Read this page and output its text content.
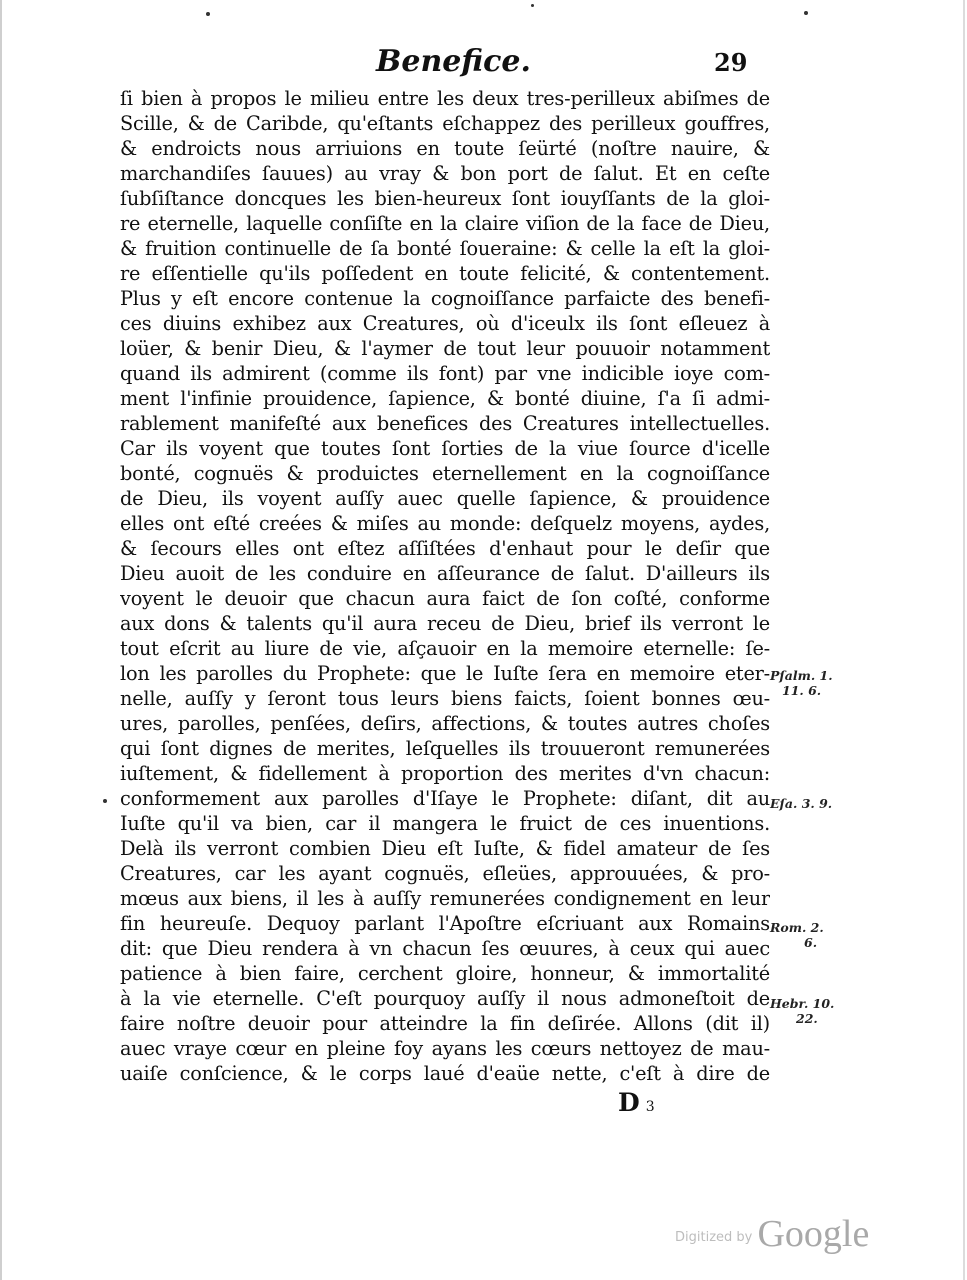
Benefice.	29
ſi bien à propos le milieu entre les deux tres-perilleux abiſmes de
Scille, & de Caribde, qu'eſtants eſchappez des perilleux gouffres,
& endroicts nous arriuions en toute ſeürté (noſtre nauire, &
marchandiſes ſauues) au vray & bon port de ſalut. Et en ceſte
ſubſiſtance doncques les bien-heureux ſont iouyſſants de la gloi-
re eternelle, laquelle conſiſte en la claire viſion de la face de Dieu,
& fruition continuelle de ſa bonté ſoueraine: & celle la eſt la gloi-
re eſſentielle qu'ils poſſedent en toute felicité, & contentement.
Plus y eſt encore contenue la cognoiſſance parfaicte des benefi-
ces diuins exhibez aux Creatures, où d'iceulx ils ſont eſleuez à
loüer, & benir Dieu, & l'aymer de tout leur pouuoir notamment
quand ils admirent (comme ils font) par vne indicible ioye com-
ment l'infinie prouidence, ſapience, & bonté diuine, ſ'a ſi admi-
rablement manifeſté aux benefices des Creatures intellectuelles.
Car ils voyent que toutes ſont ſorties de la viue ſource d'icelle
bonté, cognuës & produictes eternellement en la cognoiſſance
de Dieu, ils voyent auſſy auec quelle ſapience, & prouidence
elles ont eſté creées & miſes au monde: deſquelz moyens, aydes,
& ſecours elles ont eſtez aſſiſtées d'enhaut pour le deſir que
Dieu auoit de les conduire en aſſeurance de ſalut. D'ailleurs ils
voyent le deuoir que chacun aura faict de ſon coſté, conforme
aux dons & talents qu'il aura receu de Dieu, brief ils verront le
tout eſcrit au liure de vie, aſçauoir en la memoire eternelle: ſe-
lon les parolles du Prophete: que le Iuſte ſera en memoire eter-
nelle, auſſy y ſeront tous leurs biens faicts, ſoient bonnes œu-
ures, parolles, penſées, deſirs, affections, & toutes autres choſes
qui ſont dignes de merites, leſquelles ils trouueront remunerées
iuſtement, & fidellement à proportion des merites d'vn chacun:
conformement aux parolles d'Iſaye le Prophete: diſant, dit au
Iuſte qu'il va bien, car il mangera le fruict de ces inuentions.
Delà ils verront combien Dieu eſt Iuſte, & fidel amateur de ſes
Creatures, car les ayant cognuës, eſleües, approuuées, & pro-
mœus aux biens, il les à auſſy remunerées condignement en leur
fin heureuſe. Dequoy parlant l'Apoſtre eſcriuant aux Romains
dit: que Dieu rendera à vn chacun ſes œuures, à ceux qui auec
patience à bien faire, cerchent gloire, honneur, & immortalité
à la vie eternelle. C'eſt pourquoy auſſy il nous admoneſtoit de
faire noſtre deuoir pour atteindre la fin deſirée. Allons (dit il)
auec vraye cœur en pleine foy ayans les cœurs nettoyez de mau-
uaiſe conſcience, & le corps laué d'eaüe nette, c'eſt à dire de
Pſalm. 1.
11. 6.
Eſa. 3. 9.
Rom. 2.
6.
Hebr. 10.
22.
D 3
$^{Digitized by}$ Google
